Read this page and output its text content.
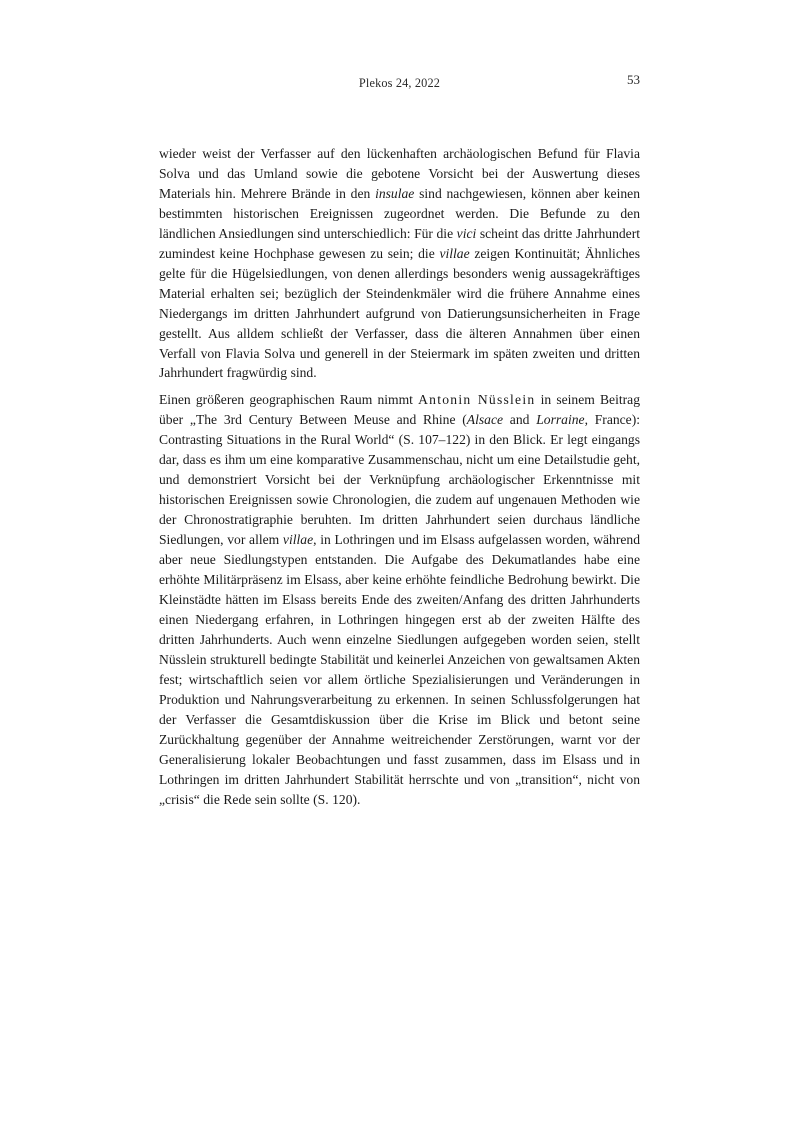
Plekos 24, 2022	53

wieder weist der Verfasser auf den lückenhaften archäologischen Befund für Flavia Solva und das Umland sowie die gebotene Vorsicht bei der Auswertung dieses Materials hin. Mehrere Brände in den insulae sind nachgewiesen, können aber keinen bestimmten historischen Ereignissen zugeordnet werden. Die Befunde zu den ländlichen Ansiedlungen sind unterschiedlich: Für die vici scheint das dritte Jahrhundert zumindest keine Hochphase gewesen zu sein; die villae zeigen Kontinuität; Ähnliches gelte für die Hügelsiedlungen, von denen allerdings besonders wenig aussagekräftiges Material erhalten sei; bezüglich der Steindenkmäler wird die frühere Annahme eines Niedergangs im dritten Jahrhundert aufgrund von Datierungsunsicherheiten in Frage gestellt. Aus alldem schließt der Verfasser, dass die älteren Annahmen über einen Verfall von Flavia Solva und generell in der Steiermark im späten zweiten und dritten Jahrhundert fragwürdig sind.

Einen größeren geographischen Raum nimmt Antonin Nüsslein in seinem Beitrag über „The 3rd Century Between Meuse and Rhine (Alsace and Lorraine, France): Contrasting Situations in the Rural World“ (S. 107–122) in den Blick. Er legt eingangs dar, dass es ihm um eine komparative Zusammenschau, nicht um eine Detailstudie geht, und demonstriert Vorsicht bei der Verknüpfung archäologischer Erkenntnisse mit historischen Ereignissen sowie Chronologien, die zudem auf ungenauen Methoden wie der Chronostratigraphie beruhten. Im dritten Jahrhundert seien durchaus ländliche Siedlungen, vor allem villae, in Lothringen und im Elsass aufgelassen worden, während aber neue Siedlungstypen entstanden. Die Aufgabe des Dekumatlandes habe eine erhöhte Militärpräsenz im Elsass, aber keine erhöhte feindliche Bedrohung bewirkt. Die Kleinstädte hätten im Elsass bereits Ende des zweiten/Anfang des dritten Jahrhunderts einen Niedergang erfahren, in Lothringen hingegen erst ab der zweiten Hälfte des dritten Jahrhunderts. Auch wenn einzelne Siedlungen aufgegeben worden seien, stellt Nüsslein strukturell bedingte Stabilität und keinerlei Anzeichen von gewaltsamen Akten fest; wirtschaftlich seien vor allem örtliche Spezialisierungen und Veränderungen in Produktion und Nahrungsverarbeitung zu erkennen. In seinen Schlussfolgerungen hat der Verfasser die Gesamtdiskussion über die Krise im Blick und betont seine Zurückhaltung gegenüber der Annahme weitreichender Zerstörungen, warnt vor der Generalisierung lokaler Beobachtungen und fasst zusammen, dass im Elsass und in Lothringen im dritten Jahrhundert Stabilität herrschte und von „transition“, nicht von „crisis“ die Rede sein sollte (S. 120).
